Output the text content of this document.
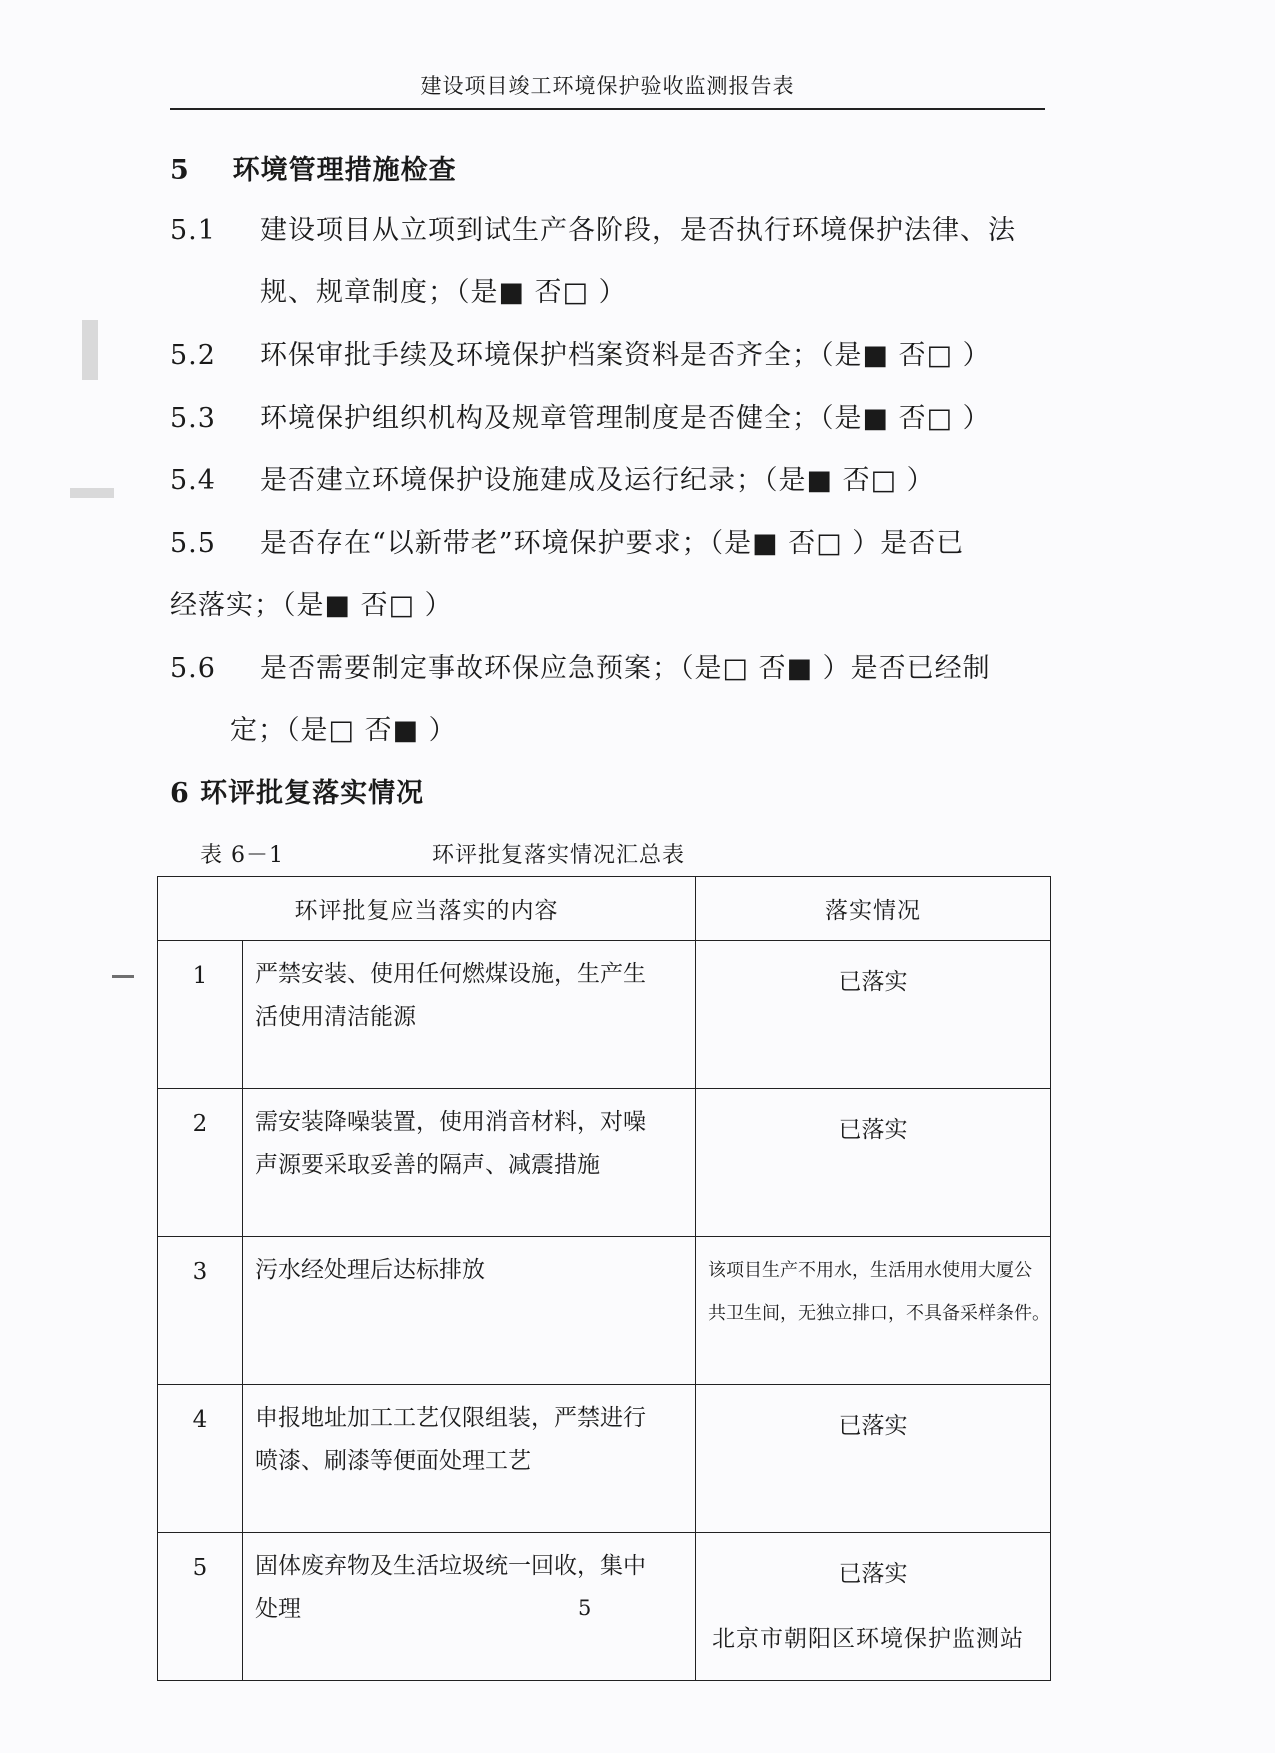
建设项目竣工环境保护验收监测报告表
5 环境管理措施检查
5.1 建设项目从立项到试生产各阶段，是否执行环境保护法律、法
规、规章制度；（是■ 否□ ）
5.2 环保审批手续及环境保护档案资料是否齐全；（是■ 否□ ）
5.3 环境保护组织机构及规章管理制度是否健全；（是■ 否□ ）
5.4 是否建立环境保护设施建成及运行纪录；（是■ 否□ ）
5.5 是否存在“以新带老”环境保护要求；（是■ 否□ ）是否已
经落实；（是■ 否□ ）
5.6 是否需要制定事故环保应急预案；（是□ 否■ ）是否已经制
定；（是□ 否■ ）
6 环评批复落实情况
表 6－1	环评批复落实情况汇总表
环评批复应当落实的内容		落实情况
1	严禁安装、使用任何燃煤设施，生产生
活使用清洁能源	已落实
2	需安装降噪装置，使用消音材料，对噪
声源要采取妥善的隔声、减震措施	已落实
3	污水经处理后达标排放	该项目生产不用水，生活用水使用大厦公
共卫生间，无独立排口，不具备采样条件。

4	申报地址加工工艺仅限组装，严禁进行
喷漆、刷漆等便面处理工艺	已落实
5	固体废弃物及生活垃圾统一回收，集中
处理	已落实
5
北京市朝阳区环境保护监测站
